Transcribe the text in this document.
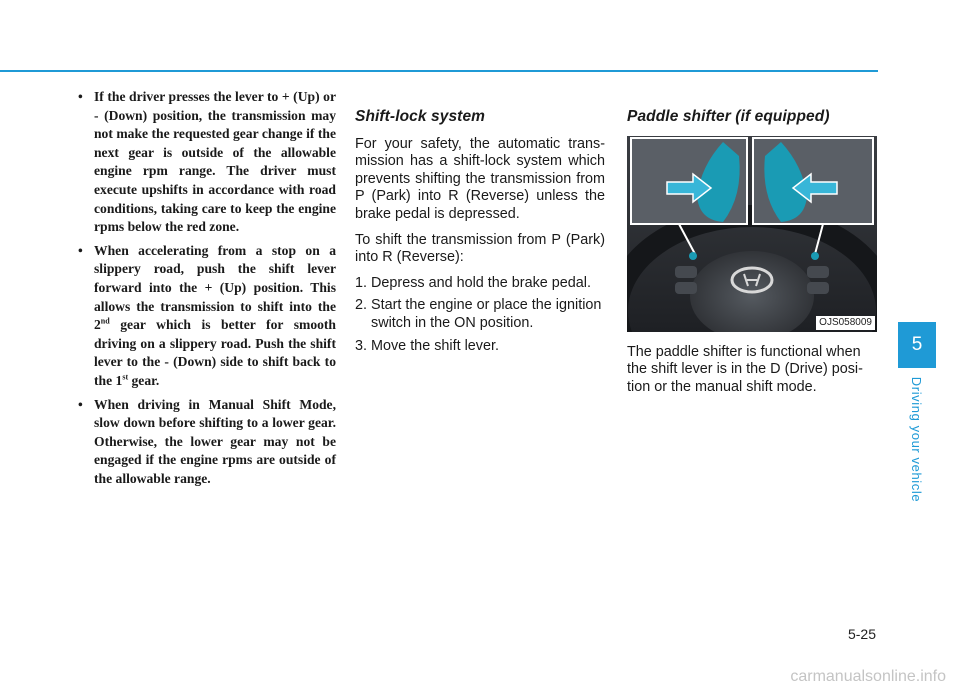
• If the driver presses the lever to + (Up) or - (Down) position, the transmission may not make the requested gear change if the next gear is outside of the allowable engine rpm range. The driver must execute upshifts in accordance with road conditions, taking care to keep the engine rpms below the red zone.
• When accelerating from a stop on a slippery road, push the shift lever forward into the + (Up) position. This allows the transmission to shift into the 2nd gear which is better for smooth driving on a slippery road. Push the shift lever to the - (Down) side to shift back to the 1st gear.
• When driving in Manual Shift Mode, slow down before shifting to a lower gear. Otherwise, the lower gear may not be engaged if the engine rpms are outside of the allowable range.
Shift-lock system

For your safety, the automatic transmission has a shift-lock system which prevents shifting the transmission from P (Park) into R (Reverse) unless the brake pedal is depressed.

To shift the transmission from P (Park) into R (Reverse):

1. Depress and hold the brake pedal.
2. Start the engine or place the ignition switch in the ON position.
3. Move the shift lever.
Paddle shifter (if equipped)
OJS058009

The paddle shifter is functional when the shift lever is in the D (Drive) position or the manual shift mode.

5
Driving your vehicle
5-25
carmanualsonline.info
